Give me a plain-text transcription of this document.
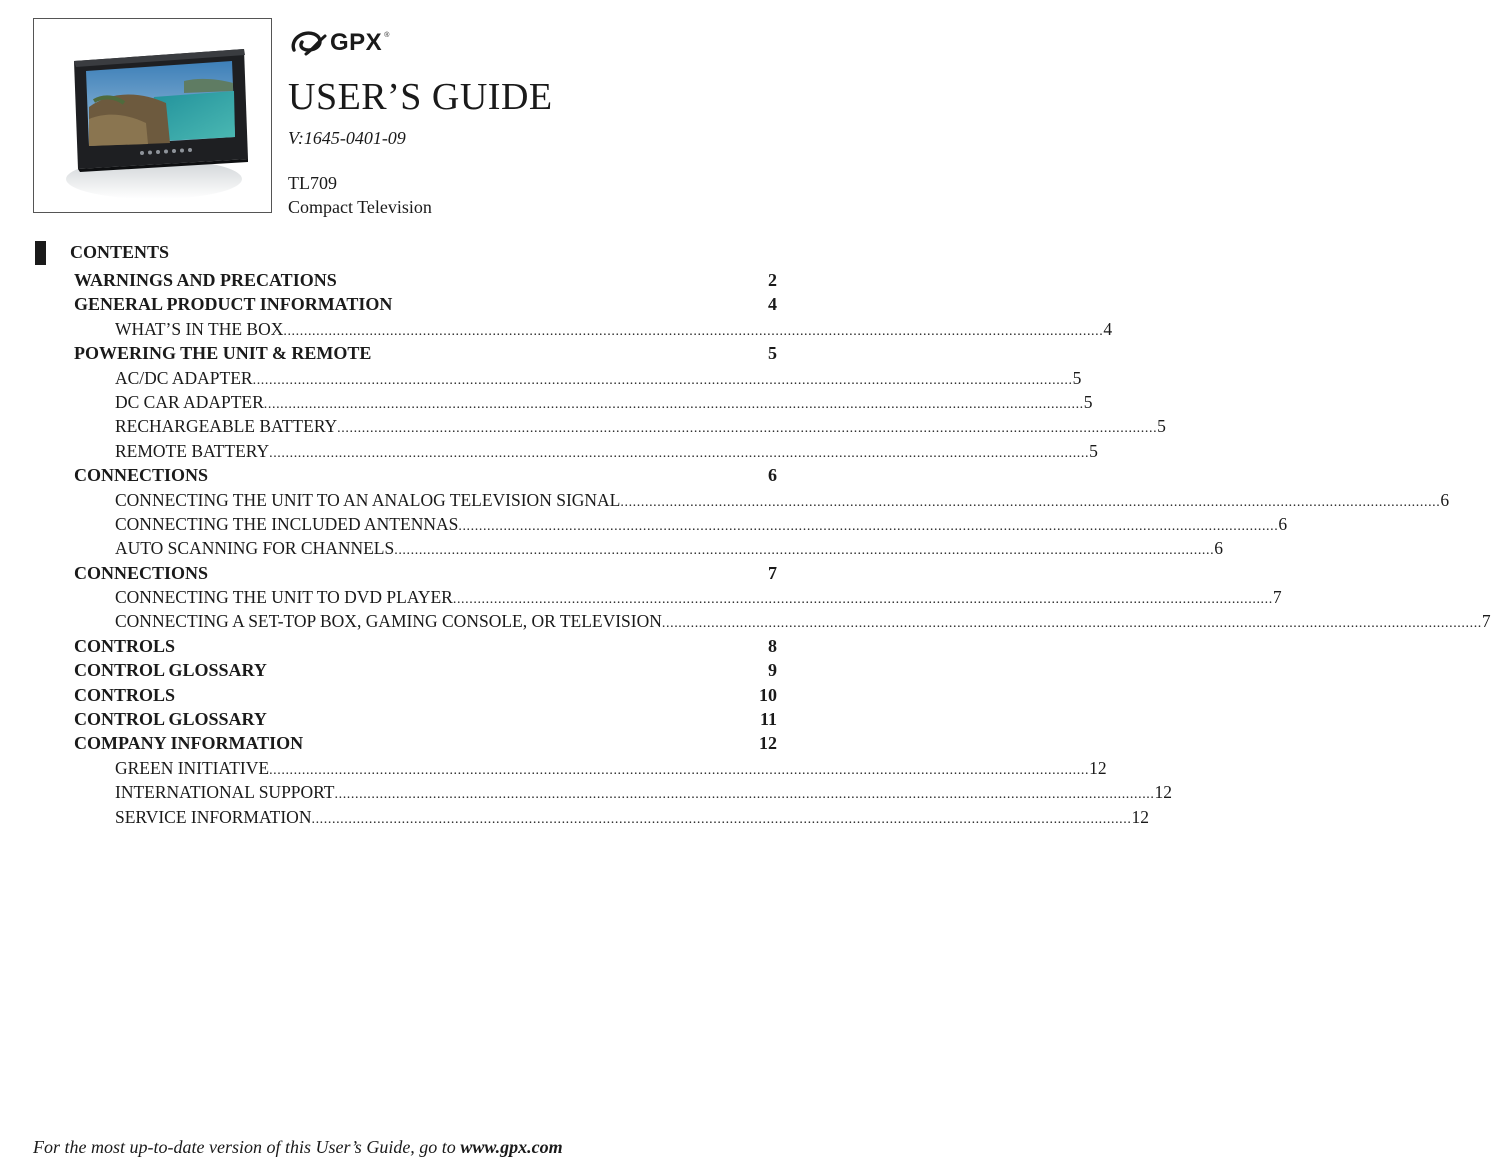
GPX ®
USER’S GUIDE
V:1645-0401-09
TL709
Compact Television
CONTENTS
WARNINGS AND PRECATIONS	2
GENERAL PRODUCT INFORMATION	4
WHAT’S IN THE BOX ........................................................................................................................................................................................................ 4
POWERING THE UNIT & REMOTE	5
AC/DC ADAPTER ........................................................................................................................................................................................................ 5
DC CAR ADAPTER ........................................................................................................................................................................................................ 5
RECHARGEABLE BATTERY ........................................................................................................................................................................................................ 5
REMOTE BATTERY ........................................................................................................................................................................................................ 5
CONNECTIONS	6
CONNECTING THE UNIT TO AN ANALOG TELEVISION SIGNAL ........................................................................................................................................................................................................ 6
CONNECTING THE INCLUDED ANTENNAS ........................................................................................................................................................................................................ 6
AUTO SCANNING FOR CHANNELS ........................................................................................................................................................................................................ 6
CONNECTIONS	7
CONNECTING THE UNIT TO DVD PLAYER ........................................................................................................................................................................................................ 7
CONNECTING A SET-TOP BOX, GAMING CONSOLE, OR TELEVISION ........................................................................................................................................................................................................ 7
CONTROLS	8
CONTROL GLOSSARY	9
CONTROLS	10
CONTROL GLOSSARY	11
COMPANY INFORMATION	12
GREEN INITIATIVE ........................................................................................................................................................................................................ 12
INTERNATIONAL SUPPORT ........................................................................................................................................................................................................ 12
SERVICE INFORMATION ........................................................................................................................................................................................................ 12
For the most up-to-date version of this User’s Guide, go to www.gpx.com
